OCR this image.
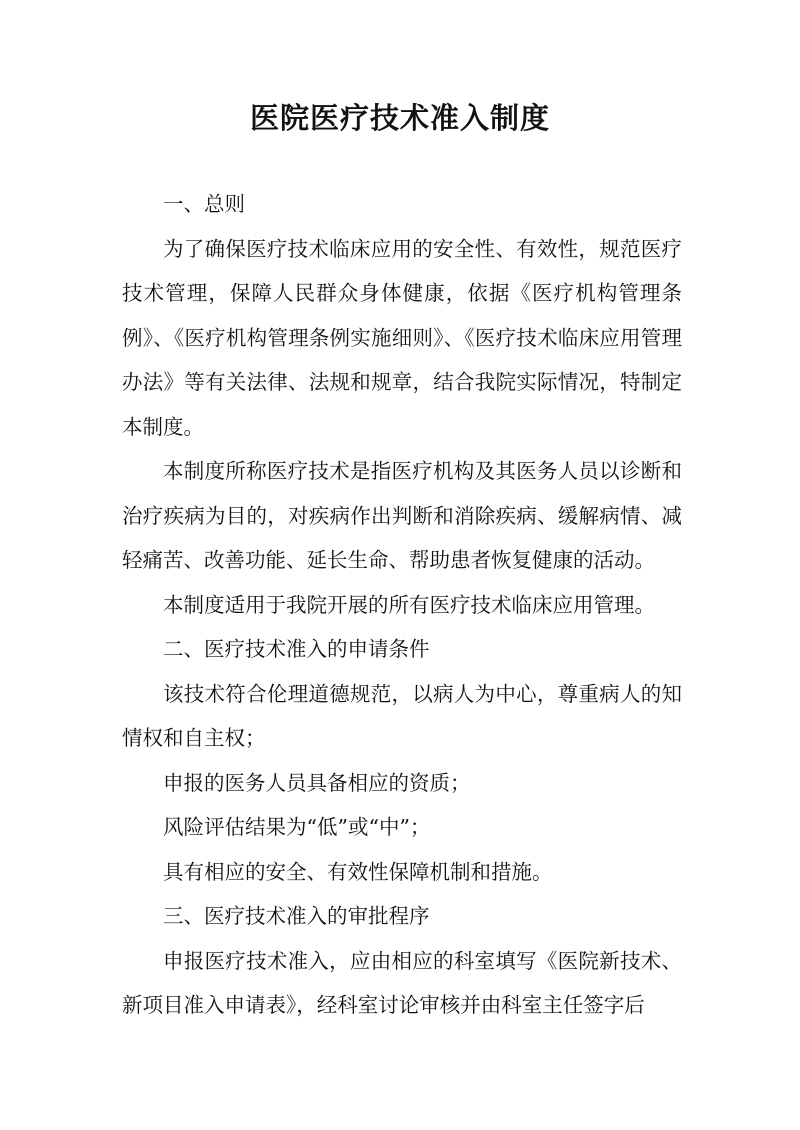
医院医疗技术准入制度

一、总则

为了确保医疗技术临床应用的安全性、有效性，规范医疗技术管理，保障人民群众身体健康，依据《医疗机构管理条例》、《医疗机构管理条例实施细则》、《医疗技术临床应用管理办法》等有关法律、法规和规章，结合我院实际情况，特制定本制度。

本制度所称医疗技术是指医疗机构及其医务人员以诊断和治疗疾病为目的，对疾病作出判断和消除疾病、缓解病情、减轻痛苦、改善功能、延长生命、帮助患者恢复健康的活动。

本制度适用于我院开展的所有医疗技术临床应用管理。

二、医疗技术准入的申请条件

该技术符合伦理道德规范，以病人为中心，尊重病人的知情权和自主权；

申报的医务人员具备相应的资质；

风险评估结果为“低”或“中”；

具有相应的安全、有效性保障机制和措施。

三、医疗技术准入的审批程序

申报医疗技术准入，应由相应的科室填写《医院新技术、新项目准入申请表》，经科室讨论审核并由科室主任签字后
